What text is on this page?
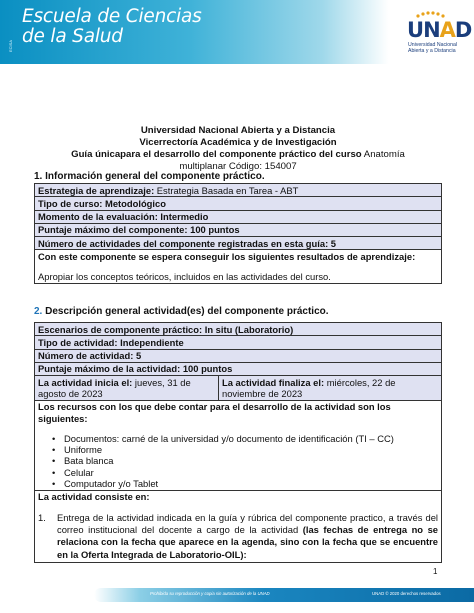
ECISA
Escuela de Ciencias
de la Salud	UNAD
Universidad Nacional
Abierta y a Distancia
Universidad Nacional Abierta y a Distancia
Vicerrectoría Académica y de Investigación
Guía únicapara el desarrollo del componente práctico del curso Anatomía
multiplanar Código: 154007
1. Información general del componente práctico.
Estrategia de aprendizaje: Estrategia Basada en Tarea - ABT
Tipo de curso: Metodológico
Momento de la evaluación: Intermedio
Puntaje máximo del componente: 100 puntos
Número de actividades del componente registradas en esta guía: 5

Con este componente se espera conseguir los siguientes resultados de aprendizaje:
Apropiar los conceptos teóricos, incluidos en las actividades del curso.
2. Descripción general actividad(es) del componente práctico.
Escenarios de componente práctico: In situ (Laboratorio)
Tipo de actividad: Independiente
Número de actividad: 5
Puntaje máximo de la actividad: 100 puntos
La actividad inicia el: jueves, 31 de agosto de 2023	La actividad finaliza el: miércoles, 22 de noviembre de 2023

Los recursos con los que debe contar para el desarrollo de la actividad son los siguientes:
• Documentos: carné de la universidad y/o documento de identificación (TI – CC)
• Uniforme
• Bata blanca
• Celular
• Computador y/o Tablet

La actividad consiste en:
1. Entrega de la actividad indicada en la guía y rúbrica del componente practico, a través del correo institucional del docente a cargo de la actividad (las fechas de entrega no se relaciona con la fecha que aparece en la agenda, sino con la fecha que se encuentre en la Oferta Integrada de Laboratorio-OIL):
1
Prohibida su reproducción y copia sin autorización de la UNAD	UNAD © 2020 derechos reservados
